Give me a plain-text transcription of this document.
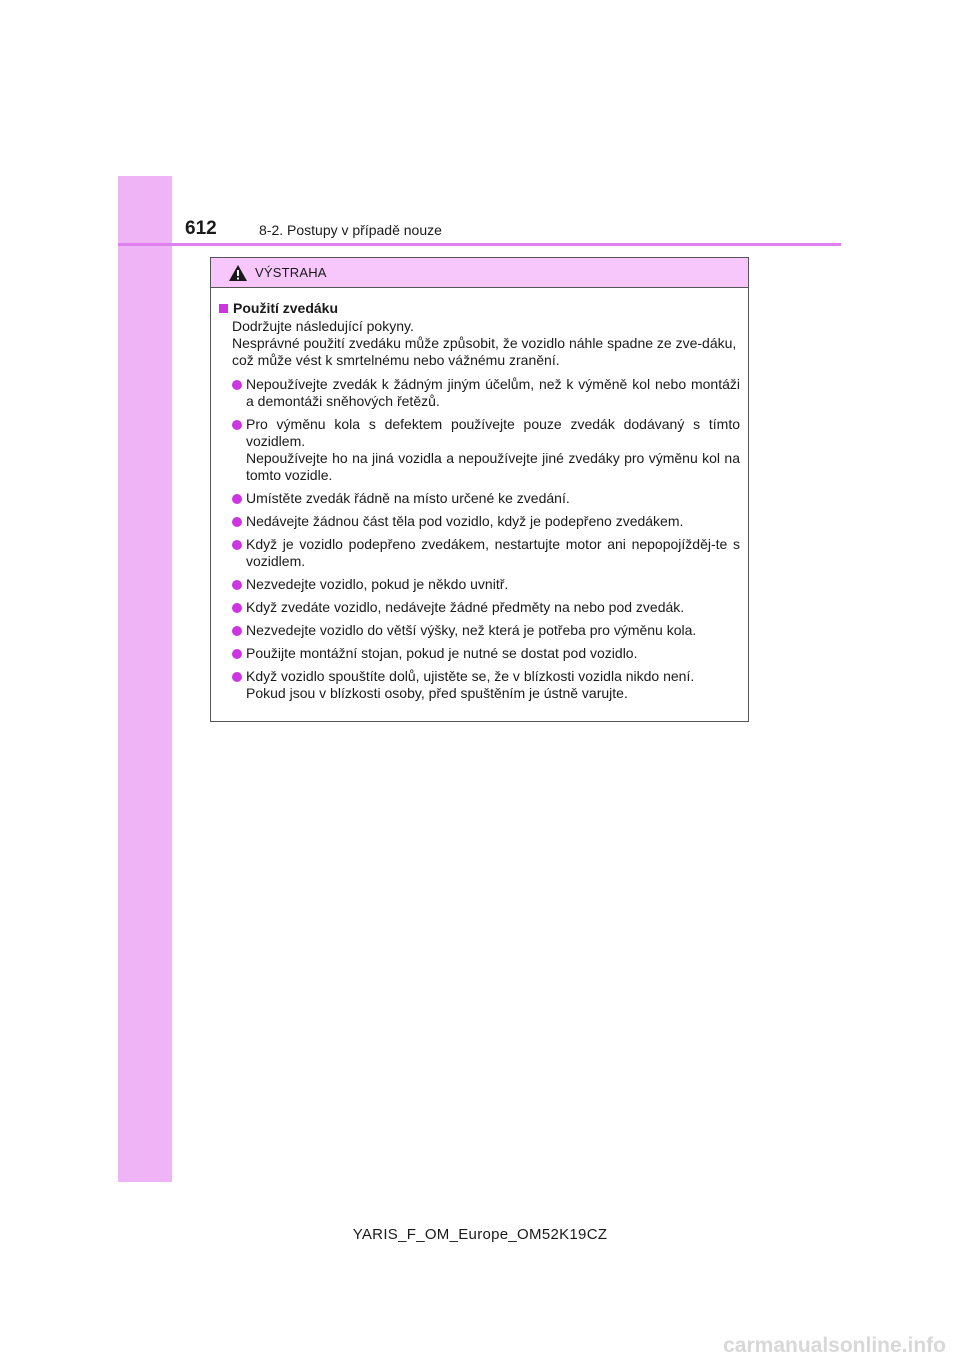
612	8-2. Postupy v případě nouze
VÝSTRAHA
Použití zvedáku

Dodržujte následující pokyny.

Nesprávné použití zvedáku může způsobit, že vozidlo náhle spadne ze zve-dáku, což může vést k smrtelnému nebo vážnému zranění.

Nepoužívejte zvedák k žádným jiným účelům, než k výměně kol nebo montáži a demontáži sněhových řetězů.

Pro výměnu kola s defektem používejte pouze zvedák dodávaný s tímto vozidlem.

Nepoužívejte ho na jiná vozidla a nepoužívejte jiné zvedáky pro výměnu kol na tomto vozidle.

Umístěte zvedák řádně na místo určené ke zvedání.

Nedávejte žádnou část těla pod vozidlo, když je podepřeno zvedákem.

Když je vozidlo podepřeno zvedákem, nestartujte motor ani nepopojížděj-te s vozidlem.

Nezvedejte vozidlo, pokud je někdo uvnitř.

Když zvedáte vozidlo, nedávejte žádné předměty na nebo pod zvedák.

Nezvedejte vozidlo do větší výšky, než která je potřeba pro výměnu kola.

Použijte montážní stojan, pokud je nutné se dostat pod vozidlo.

Když vozidlo spouštíte dolů, ujistěte se, že v blízkosti vozidla nikdo není.

Pokud jsou v blízkosti osoby, před spuštěním je ústně varujte.

YARIS_F_OM_Europe_OM52K19CZ
carmanualsonline.info
